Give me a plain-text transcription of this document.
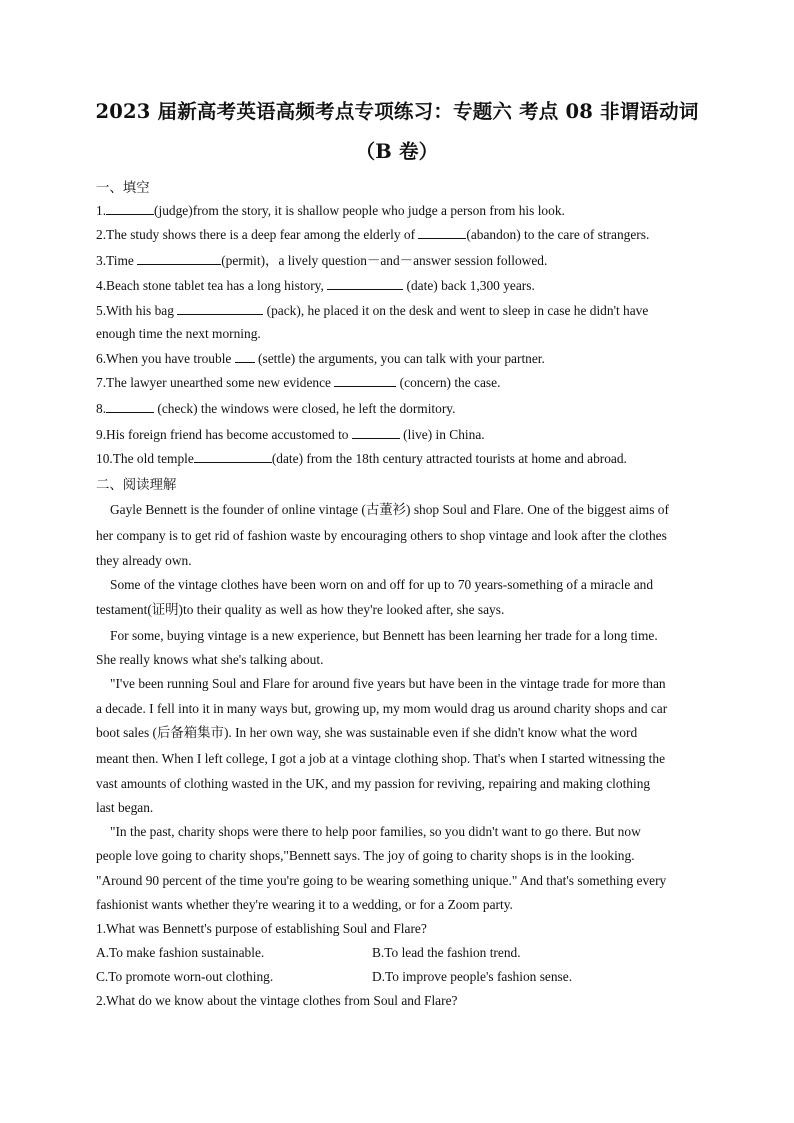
2023 届新高考英语高频考点专项练习：专题六 考点 08 非谓语动词
（B 卷）
一、填空
1.	(judge)from the story, it is shallow people who judge a person from his look.
2.The study shows there is a deep fear among the elderly of	(abandon) to the care of strangers.
3.Time	(permit)，a lively question－and－answer session followed.
4.Beach stone tablet tea has a long history,	(date) back 1,300 years.
5.With his bag	(pack), he placed it on the desk and went to sleep in case he didn't have
enough time the next morning.
6.When you have trouble  (settle) the arguments, you can talk with your partner.
7.The lawyer unearthed some new evidence	(concern) the case.
8.	(check) the windows were closed, he left the dormitory.
9.His foreign friend has become accustomed to	(live) in China.
10.The old temple	(date) from the 18th century attracted tourists at home and abroad.
二、阅读理解
Gayle Bennett is the founder of online vintage (古董衫) shop Soul and Flare. One of the biggest aims of
her company is to get rid of fashion waste by encouraging others to shop vintage and look after the clothes
they already own.
Some of the vintage clothes have been worn on and off for up to 70 years-something of a miracle and
testament(证明)to their quality as well as how they're looked after, she says.
For some, buying vintage is a new experience, but Bennett has been learning her trade for a long time.
She really knows what she's talking about.
"I've been running Soul and Flare for around five years but have been in the vintage trade for more than
a decade. I fell into it in many ways but, growing up, my mom would drag us around charity shops and car
boot sales (后备箱集市). In her own way, she was sustainable even if she didn't know what the word
meant then. When I left college, I got a job at a vintage clothing shop. That's when I started witnessing the
vast amounts of clothing wasted in the UK, and my passion for reviving, repairing and making clothing
last began.
"In the past, charity shops were there to help poor families, so you didn't want to go there. But now
people love going to charity shops,"Bennett says. The joy of going to charity shops is in the looking.
"Around 90 percent of the time you're going to be wearing something unique." And that's something every
fashionist wants whether they're wearing it to a wedding, or for a Zoom party.
1.What was Bennett's purpose of establishing Soul and Flare?
A.To make fashion sustainable.	B.To lead the fashion trend.
C.To promote worn-out clothing.	D.To improve people's fashion sense.
2.What do we know about the vintage clothes from Soul and Flare?
